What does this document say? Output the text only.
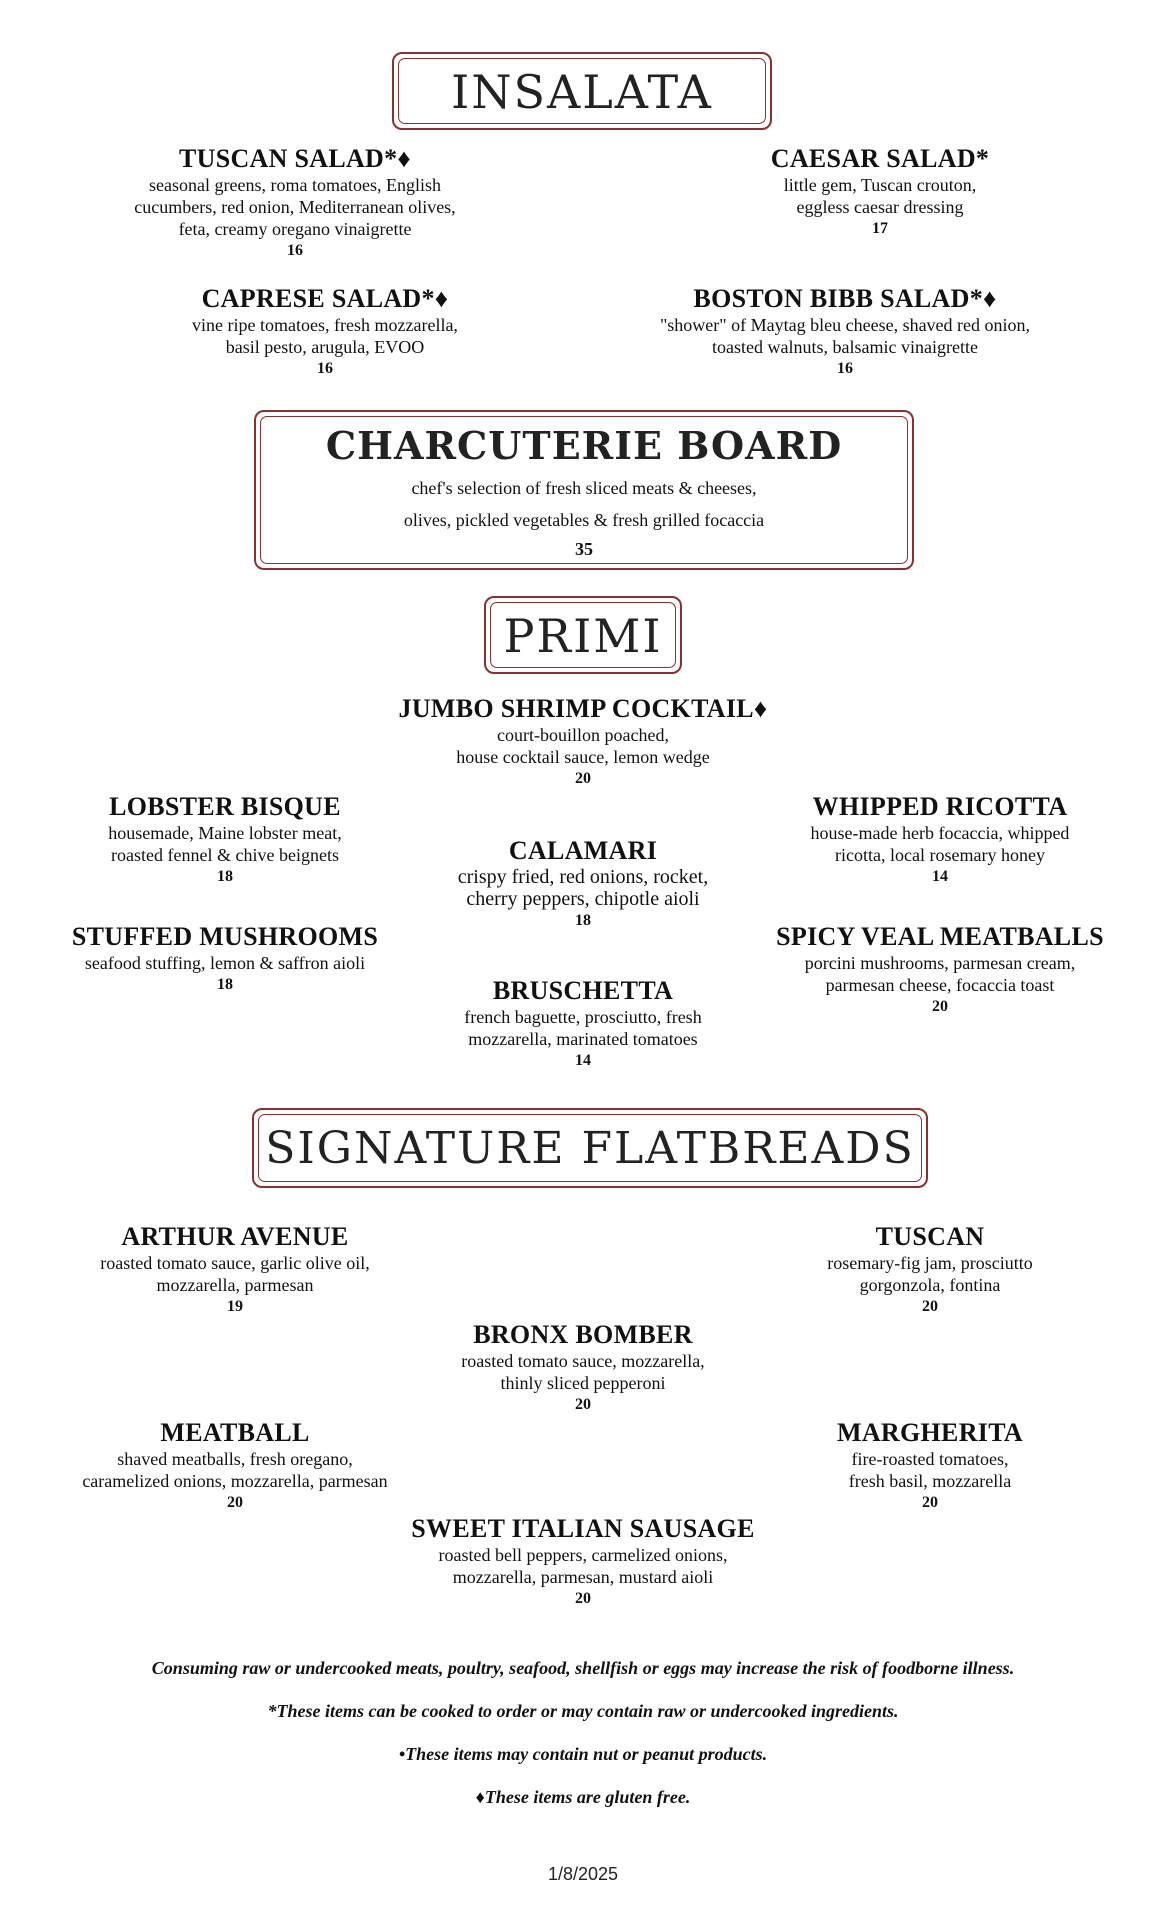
INSALATA
TUSCAN SALAD*♦
seasonal greens, roma tomatoes, English
cucumbers, red onion, Mediterranean olives,
feta, creamy oregano vinaigrette
16
CAESAR SALAD*
little gem, Tuscan crouton,
eggless caesar dressing
17
CAPRESE SALAD*♦
vine ripe tomatoes, fresh mozzarella,
basil pesto, arugula, EVOO
16
BOSTON BIBB SALAD*♦
"shower" of Maytag bleu cheese, shaved red onion,
toasted walnuts, balsamic vinaigrette
16
CHARCUTERIE BOARD
chef's selection of fresh sliced meats & cheeses,
olives, pickled vegetables & fresh grilled focaccia
35
PRIMI
JUMBO SHRIMP COCKTAIL♦
court-bouillon poached,
house cocktail sauce, lemon wedge
20
LOBSTER BISQUE
housemade, Maine lobster meat,
roasted fennel & chive beignets
18
WHIPPED RICOTTA
house-made herb focaccia, whipped
ricotta, local rosemary honey
14
CALAMARI
crispy fried, red onions, rocket,
cherry peppers, chipotle aioli
18
STUFFED MUSHROOMS
seafood stuffing, lemon & saffron aioli
18
SPICY VEAL MEATBALLS
porcini mushrooms, parmesan cream,
parmesan cheese, focaccia toast
20
BRUSCHETTA
french baguette, prosciutto, fresh
mozzarella, marinated tomatoes
14
SIGNATURE FLATBREADS
ARTHUR AVENUE
roasted tomato sauce, garlic olive oil,
mozzarella, parmesan
19
TUSCAN
rosemary-fig jam, prosciutto
gorgonzola, fontina
20
BRONX BOMBER
roasted tomato sauce, mozzarella,
thinly sliced pepperoni
20
MEATBALL
shaved meatballs, fresh oregano,
caramelized onions, mozzarella, parmesan
20
MARGHERITA
fire-roasted tomatoes,
fresh basil, mozzarella
20
SWEET ITALIAN SAUSAGE
roasted bell peppers, carmelized onions,
mozzarella, parmesan, mustard aioli
20
Consuming raw or undercooked meats, poultry, seafood, shellfish or eggs may increase the risk of foodborne illness.
*These items can be cooked to order or may contain raw or undercooked ingredients.
•These items may contain nut or peanut products.
♦These items are gluten free.
1/8/2025
